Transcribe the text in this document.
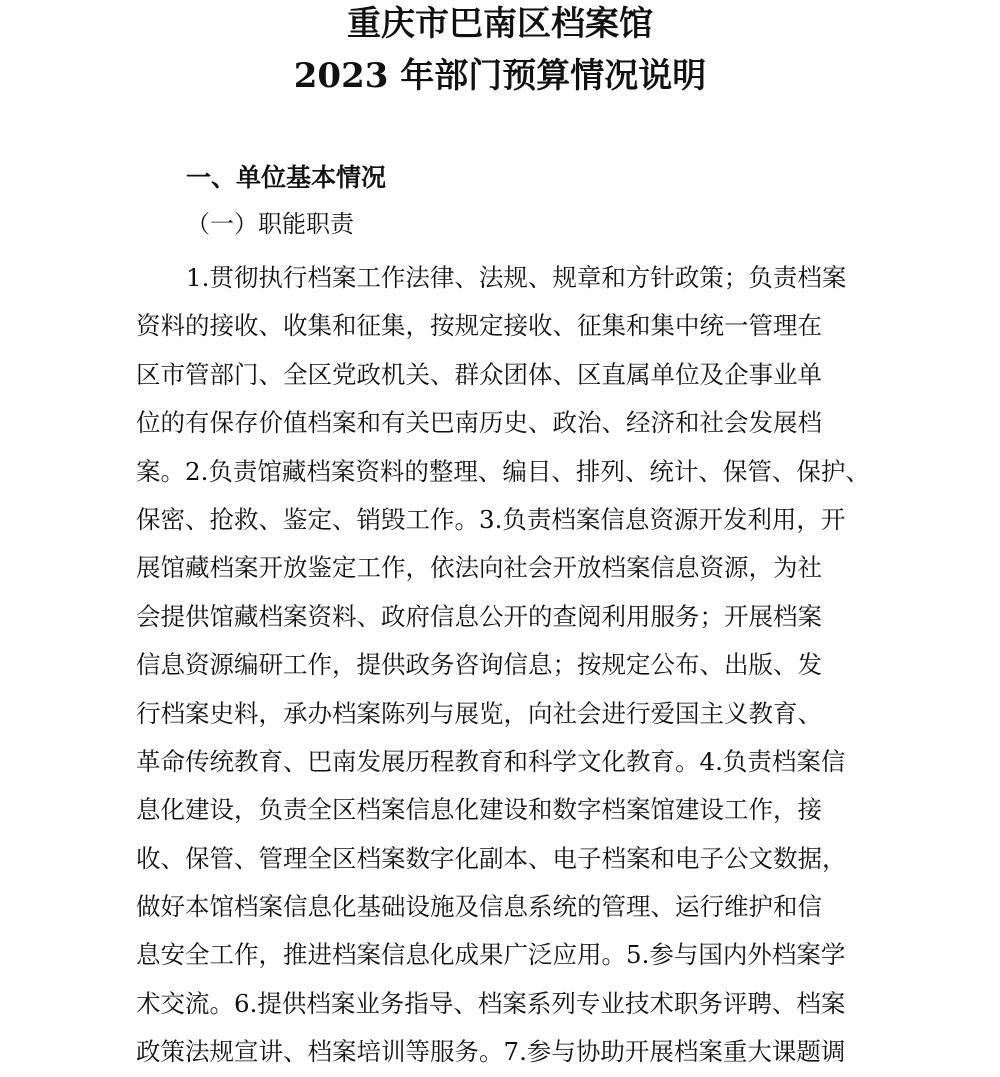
重庆市巴南区档案馆
2023 年部门预算情况说明
一、单位基本情况
（一）职能职责
1.贯彻执行档案工作法律、法规、规章和方针政策；负责档案
资料的接收、收集和征集，按规定接收、征集和集中统一管理在
区市管部门、全区党政机关、群众团体、区直属单位及企事业单
位的有保存价值档案和有关巴南历史、政治、经济和社会发展档
案。2.负责馆藏档案资料的整理、编目、排列、统计、保管、保护、
保密、抢救、鉴定、销毁工作。3.负责档案信息资源开发利用，开
展馆藏档案开放鉴定工作，依法向社会开放档案信息资源，为社
会提供馆藏档案资料、政府信息公开的查阅利用服务；开展档案
信息资源编研工作，提供政务咨询信息；按规定公布、出版、发
行档案史料，承办档案陈列与展览，向社会进行爱国主义教育、
革命传统教育、巴南发展历程教育和科学文化教育。4.负责档案信
息化建设，负责全区档案信息化建设和数字档案馆建设工作，接
收、保管、管理全区档案数字化副本、电子档案和电子公文数据，
做好本馆档案信息化基础设施及信息系统的管理、运行维护和信
息安全工作，推进档案信息化成果广泛应用。5.参与国内外档案学
术交流。6.提供档案业务指导、档案系列专业技术职务评聘、档案
政策法规宣讲、档案培训等服务。7.参与协助开展档案重大课题调
